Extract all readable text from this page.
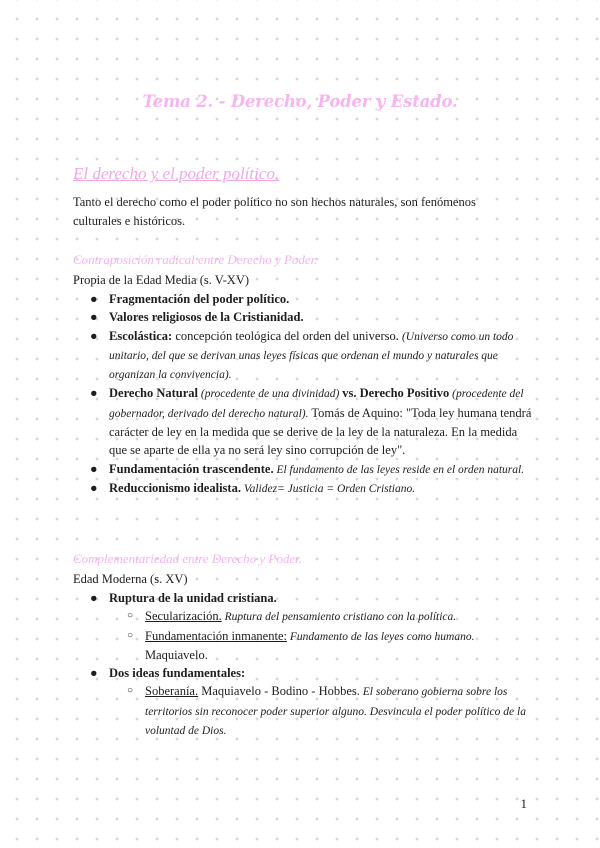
Tema 2. - Derecho, Poder y Estado.
El derecho y el poder político.
Tanto el derecho como el poder político no son hechos naturales, son fenómenos culturales e históricos.
Contraposición radical entre Derecho y Poder.
Propia de la Edad Media (s. V-XV)
● Fragmentación del poder político.
● Valores religiosos de la Cristianidad.
● Escolástica: concepción teológica del orden del universo. (Universo como un todo unitario, del que se derivan unas leyes físicas que ordenan el mundo y naturales que organizan la convivencia).
● Derecho Natural (procedente de una divinidad) vs. Derecho Positivo (procedente del gobernador, derivado del derecho natural). Tomás de Aquino: "Toda ley humana tendrá carácter de ley en la medida que se derive de la ley de la naturaleza. En la medida que se aparte de ella ya no será ley sino corrupción de ley".
● Fundamentación trascendente. El fundamento de las leyes reside en el orden natural.
● Reduccionismo idealista. Validez= Justicia = Orden Cristiano.
Complementariedad entre Derecho y Poder.
Edad Moderna (s. XV)
● Ruptura de la unidad cristiana.
○ Secularización. Ruptura del pensamiento cristiano con la política.
○ Fundamentación inmanente: Fundamento de las leyes como humano. Maquiavelo.
● Dos ideas fundamentales:
○ Soberanía. Maquiavelo - Bodino - Hobbes. El soberano gobierna sobre los territorios sin reconocer poder superior alguno. Desvincula el poder político de la voluntad de Dios.
1
